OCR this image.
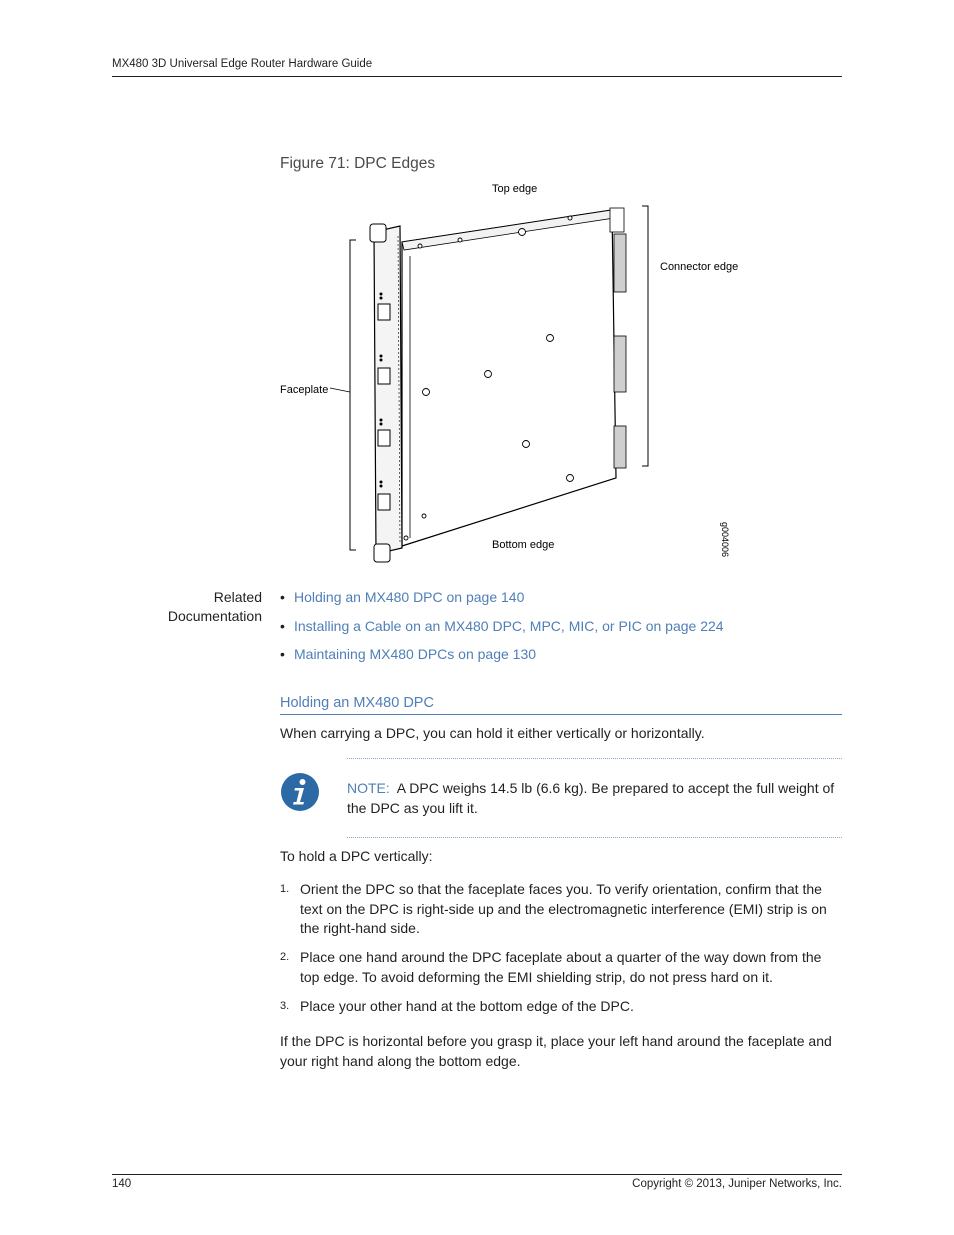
MX480 3D Universal Edge Router Hardware Guide
Figure 71: DPC Edges
Top edge
Connector edge
Faceplate
Bottom edge	g004006
Related
Documentation
• Holding an MX480 DPC on page 140
• Installing a Cable on an MX480 DPC, MPC, MIC, or PIC on page 224
• Maintaining MX480 DPCs on page 130
Holding an MX480 DPC
When carrying a DPC, you can hold it either vertically or horizontally.
NOTE: A DPC weighs 14.5 lb (6.6 kg). Be prepared to accept the full weight of the DPC as you lift it.
To hold a DPC vertically:
1. Orient the DPC so that the faceplate faces you. To verify orientation, confirm that the text on the DPC is right-side up and the electromagnetic interference (EMI) strip is on the right-hand side.
2. Place one hand around the DPC faceplate about a quarter of the way down from the top edge. To avoid deforming the EMI shielding strip, do not press hard on it.
3. Place your other hand at the bottom edge of the DPC.
If the DPC is horizontal before you grasp it, place your left hand around the faceplate and your right hand along the bottom edge.
140	Copyright © 2013, Juniper Networks, Inc.
